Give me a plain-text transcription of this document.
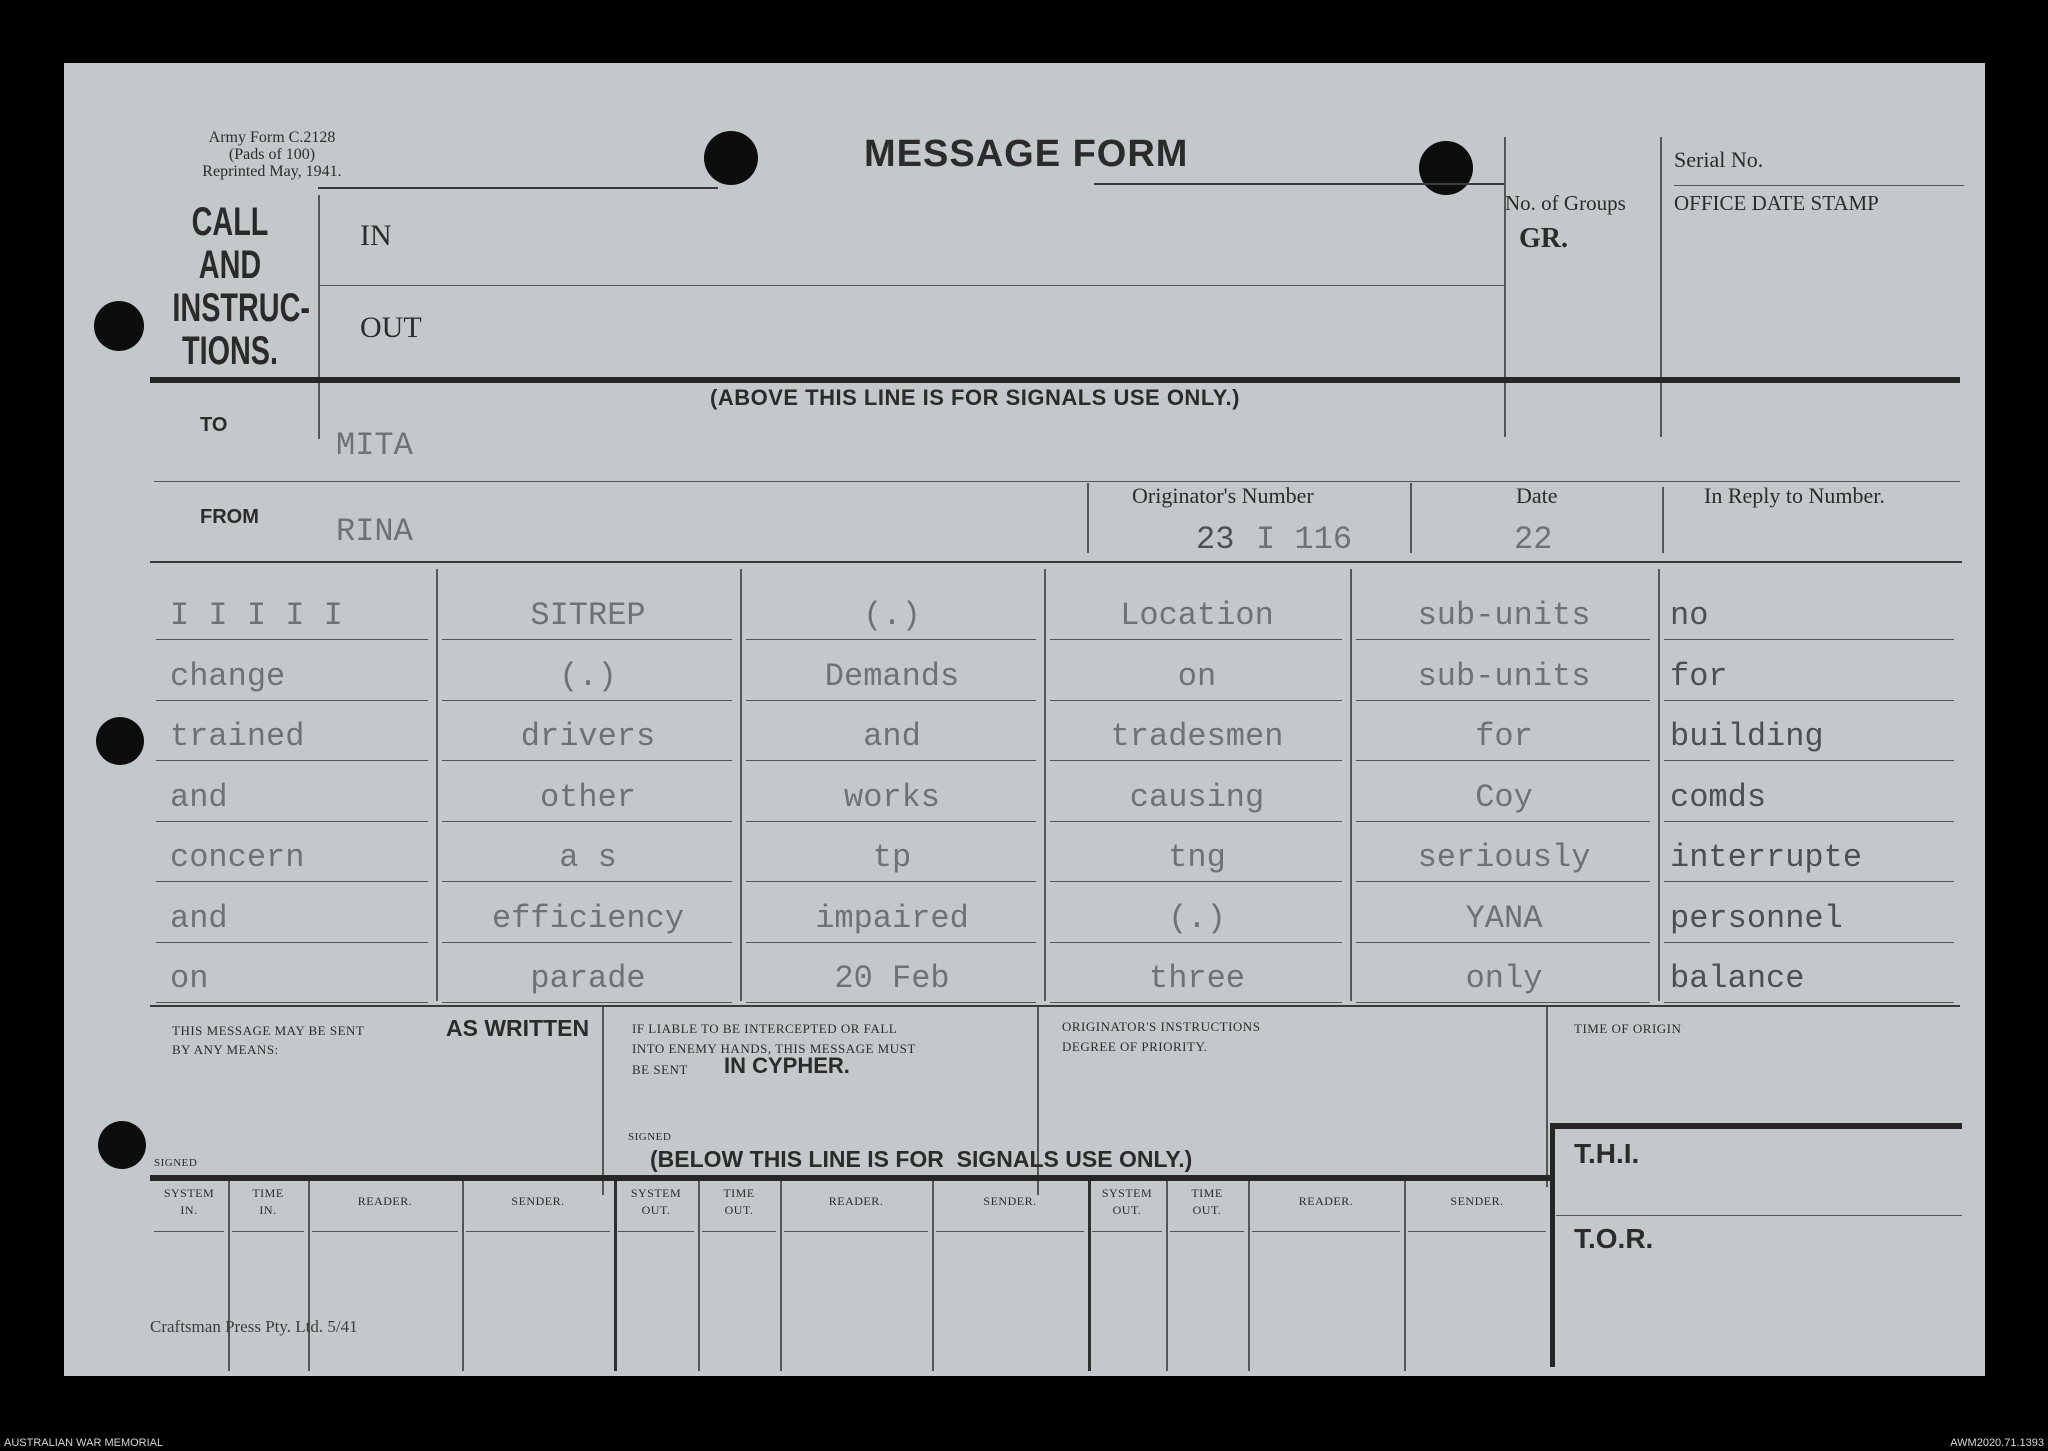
Army Form C.2128
(Pads of 100)
Reprinted May, 1941.	MESSAGE FORM	Serial No.
No. of Groups
GR.
OFFICE DATE STAMP
CALL
AND
INSTRUC-
TIONS.
IN
OUT
(ABOVE THIS LINE IS FOR SIGNALS USE ONLY.)
TO
MITA
FROM RINA
Originator's Number
23 I 116
Date
22
In Reply to Number.
I I I I I	SITREP	(.)	Location	sub-units	no
change	(.)	Demands	on	sub-units	for
trained	drivers	and	tradesmen	for	building
and	other	works	causing	Coy	comds
concern	a s	tp	tng	seriously	interrupte
and	efficiency	impaired	(.)	YANA	personnel
on	parade	20 Feb	three	only	balance
THIS MESSAGE MAY BE SENT	AS WRITTEN
BY ANY MEANS:
IF LIABLE TO BE INTERCEPTED OR FALL
INTO ENEMY HANDS, THIS MESSAGE MUST
BE SENT IN CYPHER.
ORIGINATOR'S INSTRUCTIONS
DEGREE OF PRIORITY.
TIME OF ORIGIN
SIGNED
SIGNED
(BELOW THIS LINE IS FOR  SIGNALS USE ONLY.)	T.H.I.
T.O.R.
SYSTEM
IN.
TIME
IN.
READER.	SENDER.
SYSTEM
OUT.
TIME
OUT.
READER.	SENDER.
SYSTEM
OUT.
TIME
OUT.
READER.	SENDER.
Craftsman Press Pty. Ltd. 5/41
AUSTRALIAN WAR MEMORIAL	AWM2020.71.1393
